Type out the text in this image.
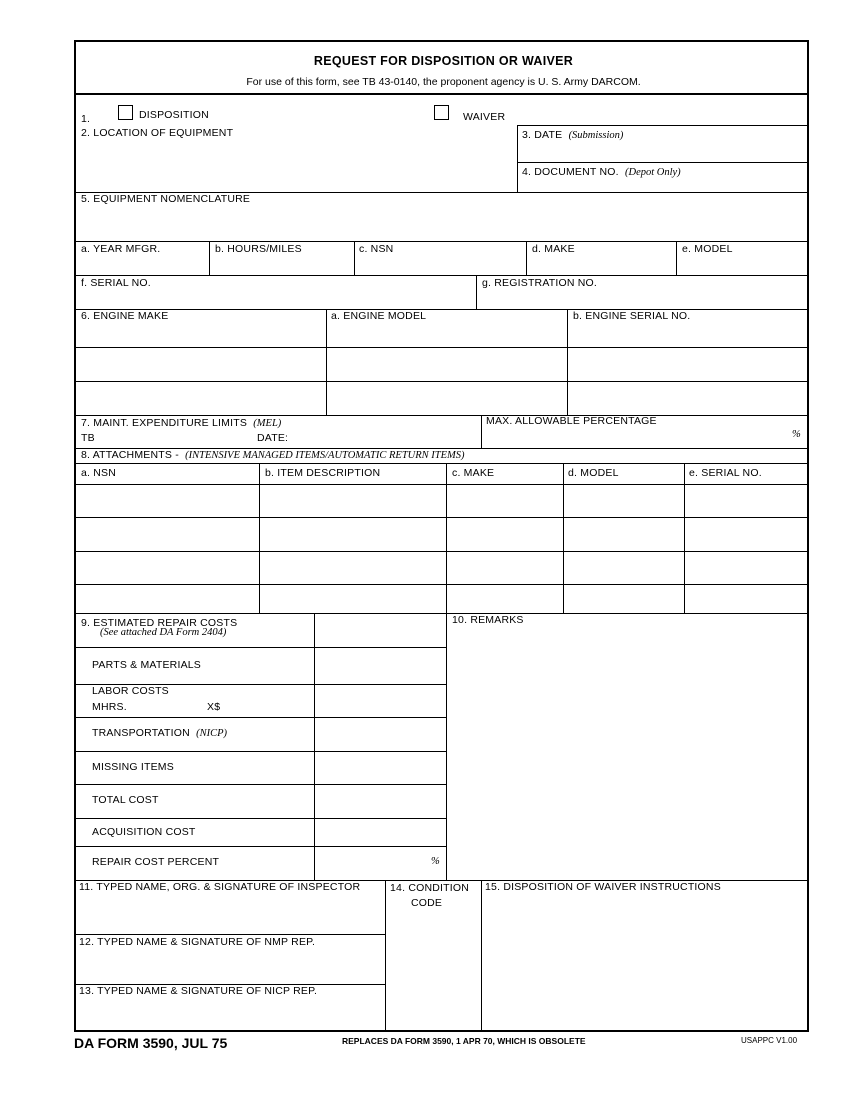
REQUEST FOR DISPOSITION OR WAIVER
For use of this form, see TB 43-0140, the proponent agency is U. S. Army DARCOM.
1.	DISPOSITION	WAIVER
2. LOCATION OF EQUIPMENT	3. DATE (Submission)
4. DOCUMENT NO. (Depot Only)
5. EQUIPMENT NOMENCLATURE
a. YEAR MFGR.	b. HOURS/MILES	c. NSN	d. MAKE	e. MODEL
f. SERIAL NO.	g. REGISTRATION NO.
6. ENGINE MAKE	a. ENGINE MODEL	b. ENGINE SERIAL NO.
7. MAINT. EXPENDITURE LIMITS (MEL)
TB	DATE:
MAX. ALLOWABLE PERCENTAGE
%
8. ATTACHMENTS - (INTENSIVE MANAGED ITEMS/AUTOMATIC RETURN ITEMS)
a. NSN	b. ITEM DESCRIPTION	c. MAKE	d. MODEL	e. SERIAL NO.
9. ESTIMATED REPAIR COSTS
(See attached DA Form 2404)
PARTS & MATERIALS
LABOR COSTS
MHRS.	X$
TRANSPORTATION (NICP)
MISSING ITEMS
TOTAL COST
ACQUISITION COST
REPAIR COST PERCENT	%
10. REMARKS
11. TYPED NAME, ORG. & SIGNATURE OF INSPECTOR
12. TYPED NAME & SIGNATURE OF NMP REP.
13. TYPED NAME & SIGNATURE OF NICP REP.
14. CONDITION
CODE
15. DISPOSITION OF WAIVER INSTRUCTIONS
DA FORM 3590, JUL 75	REPLACES DA FORM 3590, 1 APR 70, WHICH IS OBSOLETE	USAPPC V1.00
